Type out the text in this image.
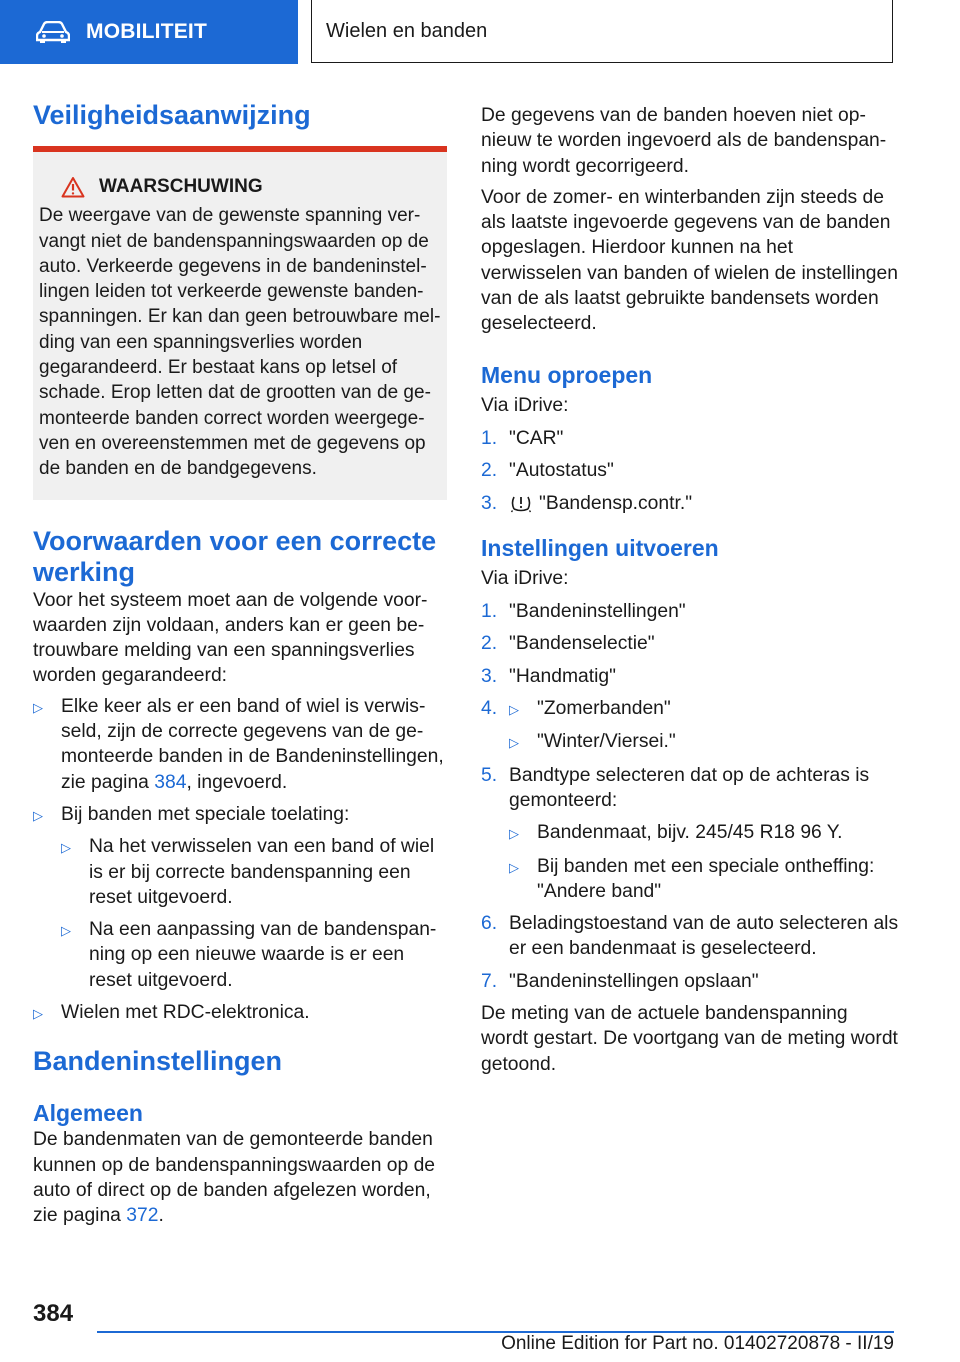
MOBILITEIT	Wielen en banden
Veiligheidsaanwijzing
WAARSCHUWING

De weergave van de gewenste spanning vervangt niet de bandenspanningswaarden op de auto. Verkeerde gegevens in de bandeninstellingen leiden tot verkeerde gewenste bandenspanningen. Er kan dan geen betrouwbare melding van een spanningsverlies worden gegarandeerd. Er bestaat kans op letsel of schade. Erop letten dat de grootten van de gemonteerde banden correct worden weergegeven en overeenstemmen met de gegevens op de banden en de bandgegevens.

Voorwaarden voor een correcte werking

Voor het systeem moet aan de volgende voorwaarden zijn voldaan, anders kan er geen betrouwbare melding van een spanningsverlies worden gegarandeerd:

▷ Elke keer als er een band of wiel is verwisseld, zijn de correcte gegevens van de gemonteerde banden in de Bandeninstellingen, zie pagina 384, ingevoerd.
▷ Bij banden met speciale toelating:
▷ Na het verwisselen van een band of wiel is er bij correcte bandenspanning een reset uitgevoerd.
▷ Na een aanpassing van de bandenspanning op een nieuwe waarde is er een reset uitgevoerd.
▷ Wielen met RDC-elektronica.
Bandeninstellingen
Algemeen

De bandenmaten van de gemonteerde banden kunnen op de bandenspanningswaarden op de auto of direct op de banden afgelezen worden, zie pagina 372.

De gegevens van de banden hoeven niet opnieuw te worden ingevoerd als de bandenspanning wordt gecorrigeerd.

Voor de zomer- en winterbanden zijn steeds de als laatste ingevoerde gegevens van de banden opgeslagen. Hierdoor kunnen na het verwisselen van banden of wielen de instellingen van de als laatst gebruikte bandensets worden geselecteerd.

Menu oproepen

Via iDrive:

1. "CAR"
2. "Autostatus"
3.	"Bandensp.contr."
Instellingen uitvoeren

Via iDrive:

1. "Bandeninstellingen"
2. "Bandenselectie"
3. "Handmatig"
4. ▷ "Zomerbanden"
▷ "Winter/Viersei."
5. Bandtype selecteren dat op de achteras is gemonteerd:
▷ Bandenmaat, bijv. 245/45 R18 96 Y.
▷ Bij banden met een speciale ontheffing: "Andere band"
6. Beladingstoestand van de auto selecteren als er een bandenmaat is geselecteerd.
7. "Bandeninstellingen opslaan"

De meting van de actuele bandenspanning wordt gestart. De voortgang van de meting wordt getoond.

384
Online Edition for Part no. 01402720878 - II/19
